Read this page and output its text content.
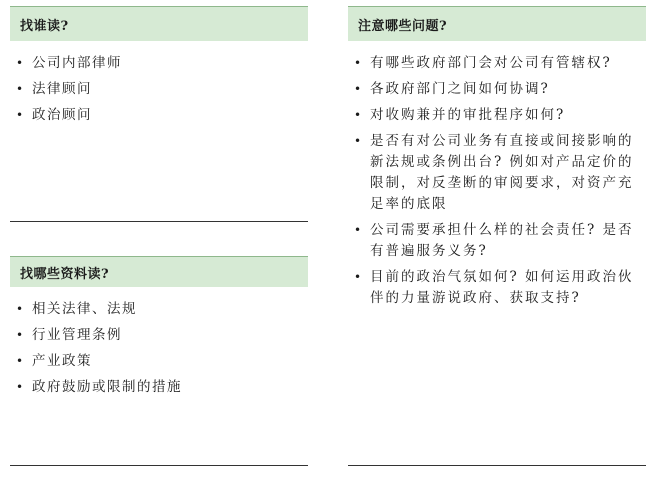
找谁读?
• 公司内部律师
• 法律顾问
• 政治顾问
找哪些资料读?
• 相关法律、法规
• 行业管理条例
• 产业政策
• 政府鼓励或限制的措施
注意哪些问题?
• 有哪些政府部门会对公司有管辖权?
• 各政府部门之间如何协调?
• 对收购兼并的审批程序如何?
• 是否有对公司业务有直接或间接影响的新法规或条例出台? 例如对产品定价的限制，对反垄断的审阅要求，对资产充足率的底限
• 公司需要承担什么样的社会责任? 是否有普遍服务义务?
• 目前的政治气氛如何? 如何运用政治伙伴的力量游说政府、获取支持?
